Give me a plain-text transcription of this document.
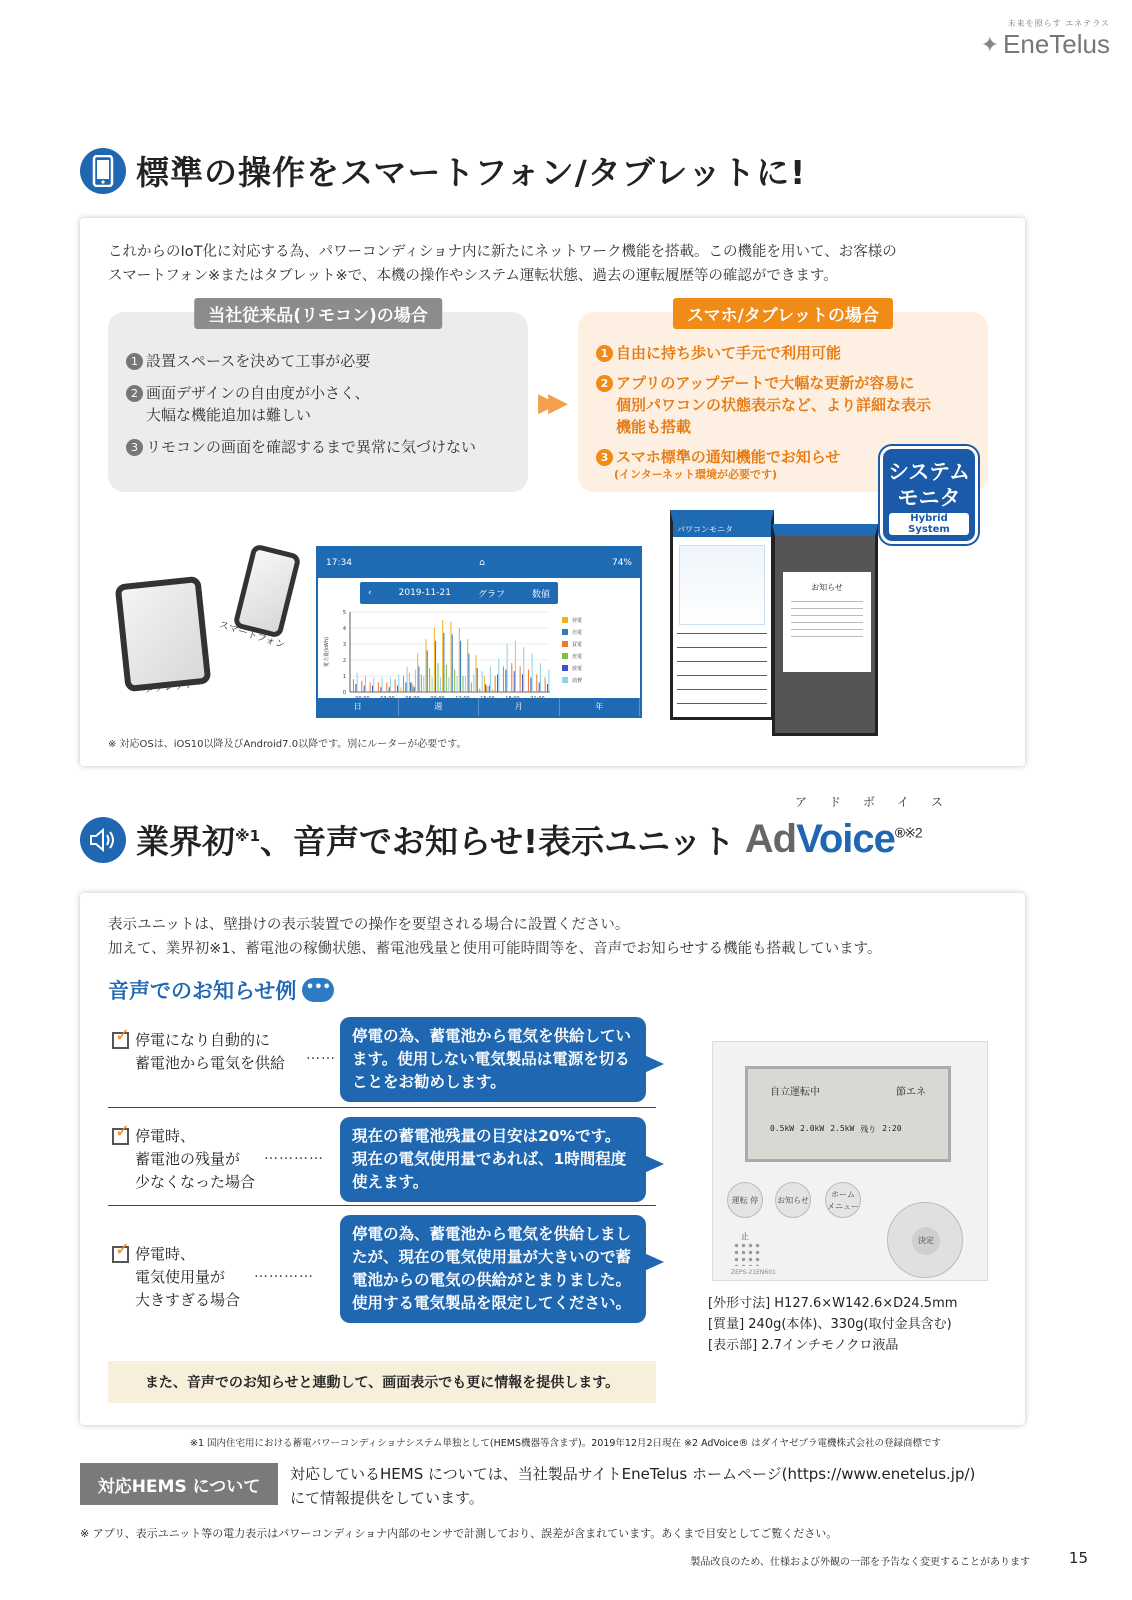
未来を照らす エネテラス
✦ EneTelus
標準の操作をスマートフォン/タブレットに!
これからのIoT化に対応する為、パワーコンディショナ内に新たにネットワーク機能を搭載。この機能を用いて、お客様の
スマートフォン※またはタブレット※で、本機の操作やシステム運転状態、過去の運転履歴等の確認ができます。
当社従来品(リモコン)の場合
1 設置スペースを決めて工事が必要
2 画面デザインの自由度が小さく、
大幅な機能追加は難しい
3 リモコンの画面を確認するまで異常に気づけない
▶▶
スマホ/タブレットの場合
1 自由に持ち歩いて手元で利用可能
2 アプリのアップデートで大幅な更新が容易に
個別パワコンの状態表示など、より詳細な表示
機能も搭載
3 スマホ標準の通知機能でお知らせ
(インターネット環境が必要です)	システム
モニタ
Hybrid System
タブレット
スマートフォン
17:34	⌂	74%
‹	2019-11-21	グラフ	数値
5
4
3
2
1
0
電力量(kWh)
発電
売電
買電
充電
放電
消費
日	週	月	年
パワコンモニタ
お知らせ
※ 対応OSは、iOS10以降及びAndroid7.0以降です。別にルーターが必要です。
アドボイス
業界初$^{※1}$、音声でお知らせ!表示ユニット AdVoice$^{®※2}$
表示ユニットは、壁掛けの表示装置での操作を要望される場合に設置ください。
加えて、業界初※1、蓄電池の稼働状態、蓄電池残量と使用可能時間等を、音声でお知らせする機能も搭載しています。
音声でのお知らせ例 •••
✓
停電になり自動的に
蓄電池から電気を供給 ……
停電の為、蓄電池から電気を供給しています。使用しない電気製品は電源を切ることをお勧めします。
✓
停電時、
蓄電池の残量が
少なくなった場合
…………
現在の蓄電池残量の目安は20%です。現在の電気使用量であれば、1時間程度使えます。
✓
停電時、
電気使用量が
大きすぎる場合
…………
停電の為、蓄電池から電気を供給しましたが、現在の電気使用量が大きいので蓄電池からの電気の供給がとまりました。使用する電気製品を限定してください。
また、音声でのお知らせと連動して、画面表示でも更に情報を提供します。
自立運転中	節エネ
0.5kW 2.0kW 2.5kW 残り 2:20
運転 停止
お知らせ
ホーム メニュー
決定
ZEPS-21EN601
[外形寸法] H127.6×W142.6×D24.5mm
[質量] 240g(本体)、330g(取付金具含む)
[表示部] 2.7インチモノクロ液晶
※1 国内住宅用における蓄電パワーコンディショナシステム単独として(HEMS機器等含まず)。2019年12月2日現在 ※2 AdVoice® はダイヤゼブラ電機株式会社の登録商標です
対応HEMS について
対応しているHEMS については、当社製品サイトEneTelus ホームページ(https://www.enetelus.jp/)
にて情報提供をしています。
※ アプリ、表示ユニット等の電力表示はパワーコンディショナ内部のセンサで計測しており、誤差が含まれています。あくまで目安としてご覧ください。
製品改良のため、仕様および外観の一部を予告なく変更することがあります	15
